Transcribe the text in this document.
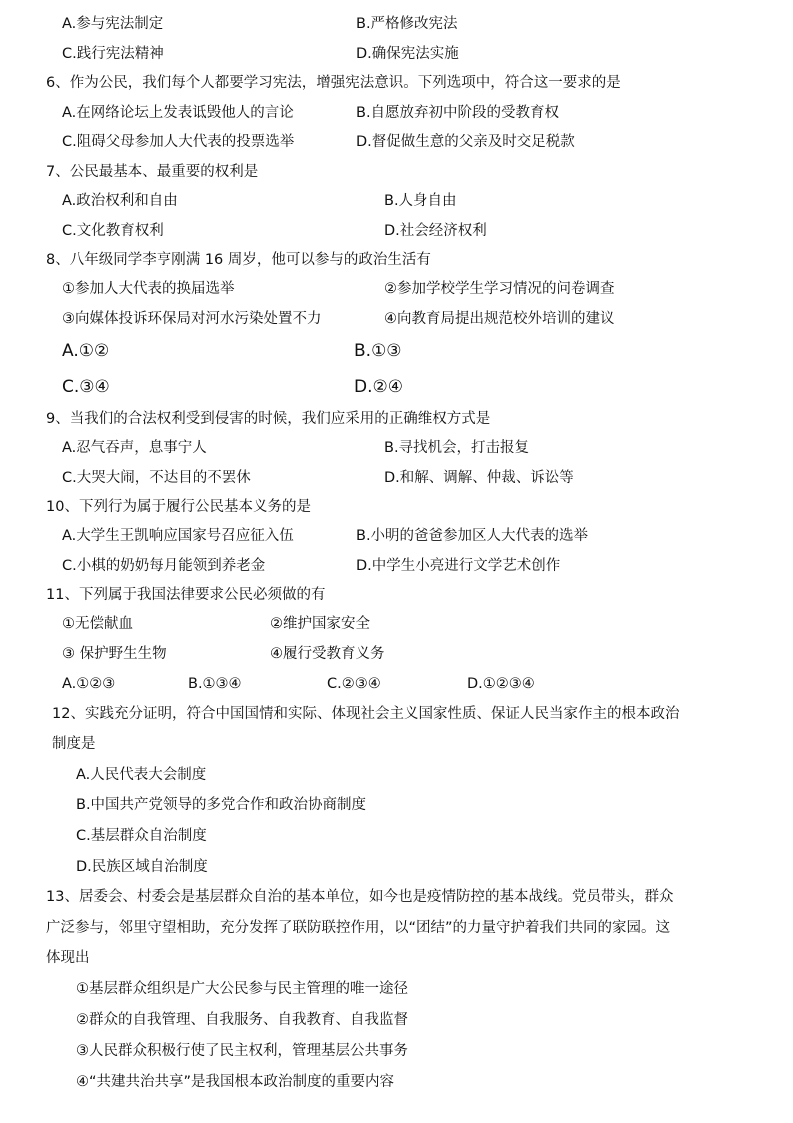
A.参与宪法制定	B.严格修改宪法
C.践行宪法精神	D.确保宪法实施
6、作为公民，我们每个人都要学习宪法，增强宪法意识。下列选项中，符合这一要求的是
A.在网络论坛上发表诋毁他人的言论	B.自愿放弃初中阶段的受教育权
C.阻碍父母参加人大代表的投票选举	D.督促做生意的父亲及时交足税款
7、公民最基本、最重要的权利是
A.政治权利和自由	B.人身自由
C.文化教育权利	D.社会经济权利
8、八年级同学李亨刚满 16 周岁，他可以参与的政治生活有
①参加人大代表的换届选举	②参加学校学生学习情况的问卷调查
③向媒体投诉环保局对河水污染处置不力	④向教育局提出规范校外培训的建议
A.①②	B.①③
C.③④	D.②④
9、当我们的合法权利受到侵害的时候，我们应采用的正确维权方式是
A.忍气吞声，息事宁人	B.寻找机会，打击报复
C.大哭大闹，不达目的不罢休	D.和解、调解、仲裁、诉讼等
10、下列行为属于履行公民基本义务的是
A.大学生王凯响应国家号召应征入伍	B.小明的爸爸参加区人大代表的选举
C.小棋的奶奶每月能领到养老金	D.中学生小亮进行文学艺术创作
11、下列属于我国法律要求公民必须做的有
①无偿献血	②维护国家安全
③ 保护野生生物	④履行受教育义务
A.①②③	B.①③④	C.②③④	D.①②③④
12、实践充分证明，符合中国国情和实际、体现社会主义国家性质、保证人民当家作主的根本政治
制度是
A.人民代表大会制度
B.中国共产党领导的多党合作和政治协商制度
C.基层群众自治制度
D.民族区域自治制度
13、居委会、村委会是基层群众自治的基本单位，如今也是疫情防控的基本战线。党员带头，群众
广泛参与，邻里守望相助，充分发挥了联防联控作用，以“团结”的力量守护着我们共同的家园。这
体现出
①基层群众组织是广大公民参与民主管理的唯一途径
②群众的自我管理、自我服务、自我教育、自我监督
③人民群众积极行使了民主权利，管理基层公共事务
④“共建共治共享”是我国根本政治制度的重要内容
